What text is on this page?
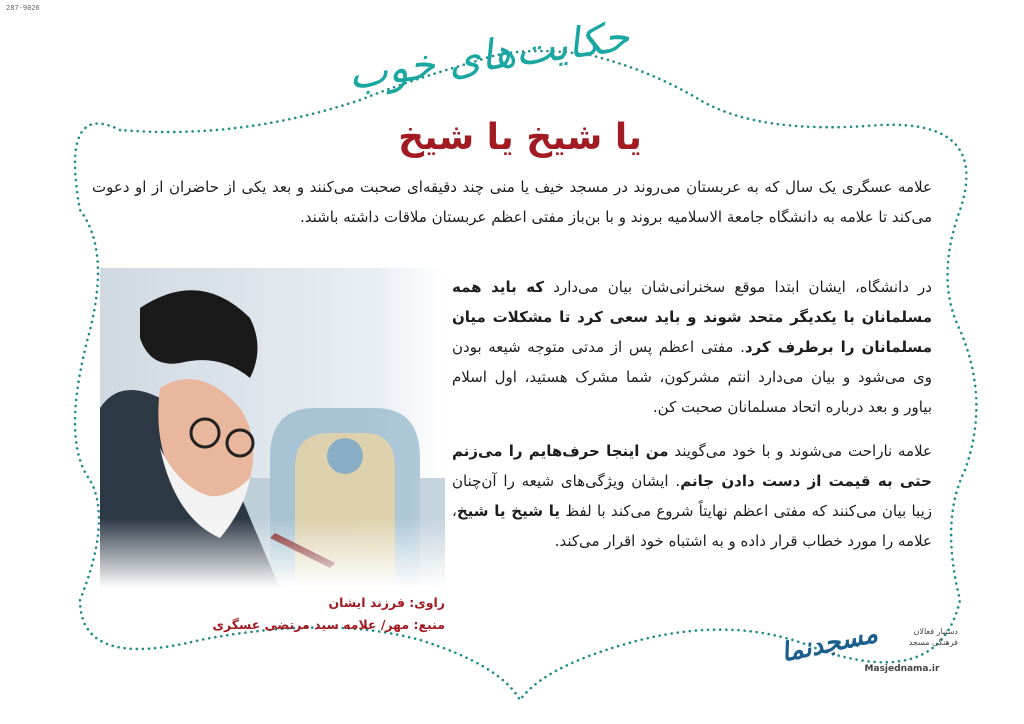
287-9026
حکایت‌های خوب
یا شیخ یا شیخ
علامه عسگری یک سال که به عربستان می‌روند در مسجد خیف یا منی چند دقیقه‌ای صحبت می‌کنند و بعد یکی از حاضران از او دعوت می‌کند تا علامه به دانشگاه جامعة الاسلامیه بروند و با بن‌باز مفتی اعظم عربستان ملاقات داشته باشند.
در دانشگاه، ایشان ابتدا موقع سخنرانی‌شان بیان می‌دارد که باید همه مسلمانان با یکدیگر متحد شوند و باید سعی کرد تا مشکلات میان مسلمانان را برطرف کرد. مفتی اعظم پس از مدتی متوجه شیعه بودن وی می‌شود و بیان می‌دارد انتم مشرکون، شما مشرک هستید، اول اسلام بیاور و بعد درباره اتحاد مسلمانان صحبت کن.
علامه ناراحت می‌شوند و با خود می‌گویند من اینجا حرف‌هایم را می‌زنم حتی به قیمت از دست دادن جانم. ایشان ویژگی‌های شیعه را آن‌چنان زیبا بیان می‌کنند که مفتی اعظم نهایتاً شروع می‌کند با لفظ یا شیخ یا شیخ، علامه را مورد خطاب قرار داده و به اشتباه خود اقرار می‌کند.
راوی: فرزند ایشان
منبع: مهر/ علامه سید مرتضی عسگری	مسجدنما	دستیار فعالان
فرهنگی مسجد
Masjednama.ir
